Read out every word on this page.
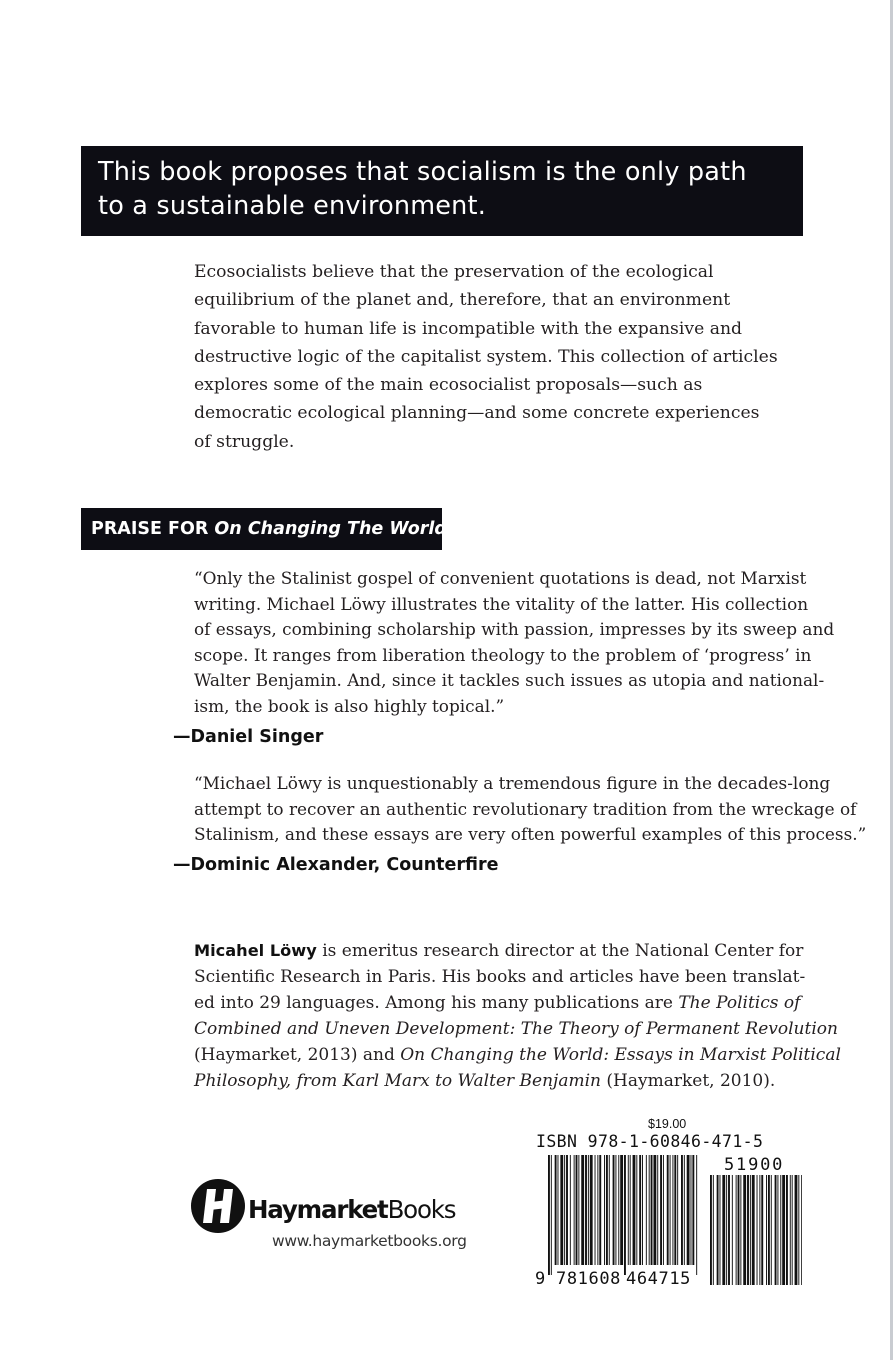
This book proposes that socialism is the only path
to a sustainable environment.
Ecosocialists believe that the preservation of the ecological
equilibrium of the planet and, therefore, that an environment
favorable to human life is incompatible with the expansive and
destructive logic of the capitalist system. This collection of articles
explores some of the main ecosocialist proposals—such as
democratic ecological planning—and some concrete experiences
of struggle.
PRAISE FOR On Changing The World
“Only the Stalinist gospel of convenient quotations is dead, not Marxist
writing. Michael Löwy illustrates the vitality of the latter. His collection
of essays, combining scholarship with passion, impresses by its sweep and
scope. It ranges from liberation theology to the problem of ‘progress’ in
Walter Benjamin. And, since it tackles such issues as utopia and national-
ism, the book is also highly topical.”
—Daniel Singer
“Michael Löwy is unquestionably a tremendous figure in the decades-long
attempt to recover an authentic revolutionary tradition from the wreckage of
Stalinism, and these essays are very often powerful examples of this process.”
—Dominic Alexander, Counterfire
Micahel Löwy is emeritus research director at the National Center for
Scientific Research in Paris. His books and articles have been translat-
ed into 29 languages. Among his many publications are The Politics of
Combined and Uneven Development: The Theory of Permanent Revolution
(Haymarket, 2013) and On Changing the World: Essays in Marxist Political
Philosophy, from Karl Marx to Walter Benjamin (Haymarket, 2010).
HaymarketBooks
www.haymarketbooks.org
$19.00
ISBN 978-1-60846-471-5
51900
9 781608 464715
